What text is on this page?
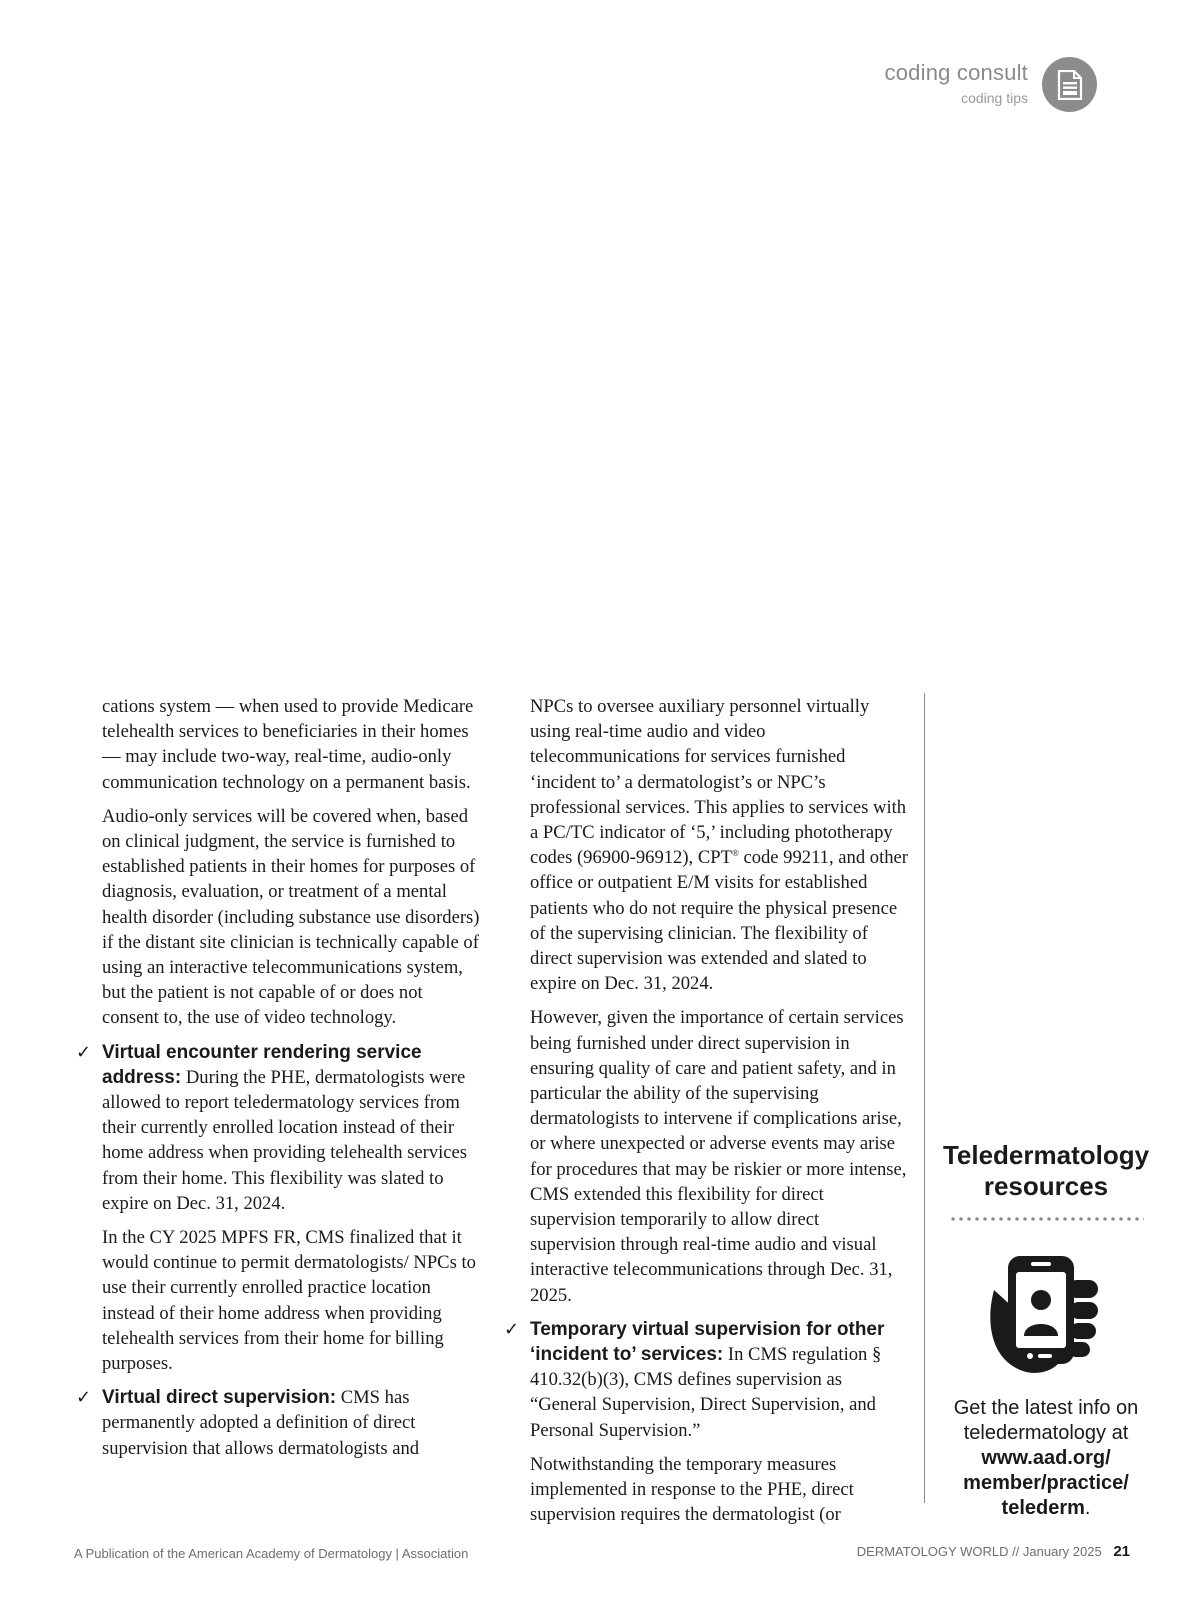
coding consult
coding tips

cations system — when used to provide Medicare telehealth services to beneficiaries in their homes — may include two-way, real-time, audio-only communication technology on a permanent basis.

Audio-only services will be covered when, based on clinical judgment, the service is furnished to established patients in their homes for purposes of diagnosis, evaluation, or treatment of a mental health disorder (including substance use disorders) if the distant site clinician is technically capable of using an interactive telecommunications system, but the patient is not capable of or does not consent to, the use of video technology.

✓ Virtual encounter rendering service address: During the PHE, dermatologists were allowed to report teledermatology services from their currently enrolled location instead of their home address when providing telehealth services from their home. This flexibility was slated to expire on Dec. 31, 2024.

In the CY 2025 MPFS FR, CMS finalized that it would continue to permit dermatologists/ NPCs to use their currently enrolled practice location instead of their home address when providing telehealth services from their home for billing purposes.

✓ Virtual direct supervision: CMS has permanently adopted a definition of direct supervision that allows dermatologists and

NPCs to oversee auxiliary personnel virtually using real-time audio and video telecommunications for services furnished ‘incident to’ a dermatologist’s or NPC’s professional services. This applies to services with a PC/TC indicator of ‘5,’ including phototherapy codes (96900-96912), CPT® code 99211, and other office or outpatient E/M visits for established patients who do not require the physical presence of the supervising clinician. The flexibility of direct supervision was extended and slated to expire on Dec. 31, 2024.

However, given the importance of certain services being furnished under direct supervision in ensuring quality of care and patient safety, and in particular the ability of the supervising dermatologists to intervene if complications arise, or where unexpected or adverse events may arise for procedures that may be riskier or more intense, CMS extended this flexibility for direct supervision temporarily to allow direct supervision through real-time audio and visual interactive telecommunications through Dec. 31, 2025.

✓ Temporary virtual supervision for other ‘incident to’ services: In CMS regulation § 410.32(b)(3), CMS defines supervision as “General Supervision, Direct Supervision, and Personal Supervision.”

Notwithstanding the temporary measures implemented in response to the PHE, direct supervision requires the dermatologist (or

Teledermatology resources
Get the latest info on teledermatology at www.aad.org/ member/practice/ telederm.
A Publication of the American Academy of Dermatology | Association	DERMATOLOGY WORLD // January 2025 21
